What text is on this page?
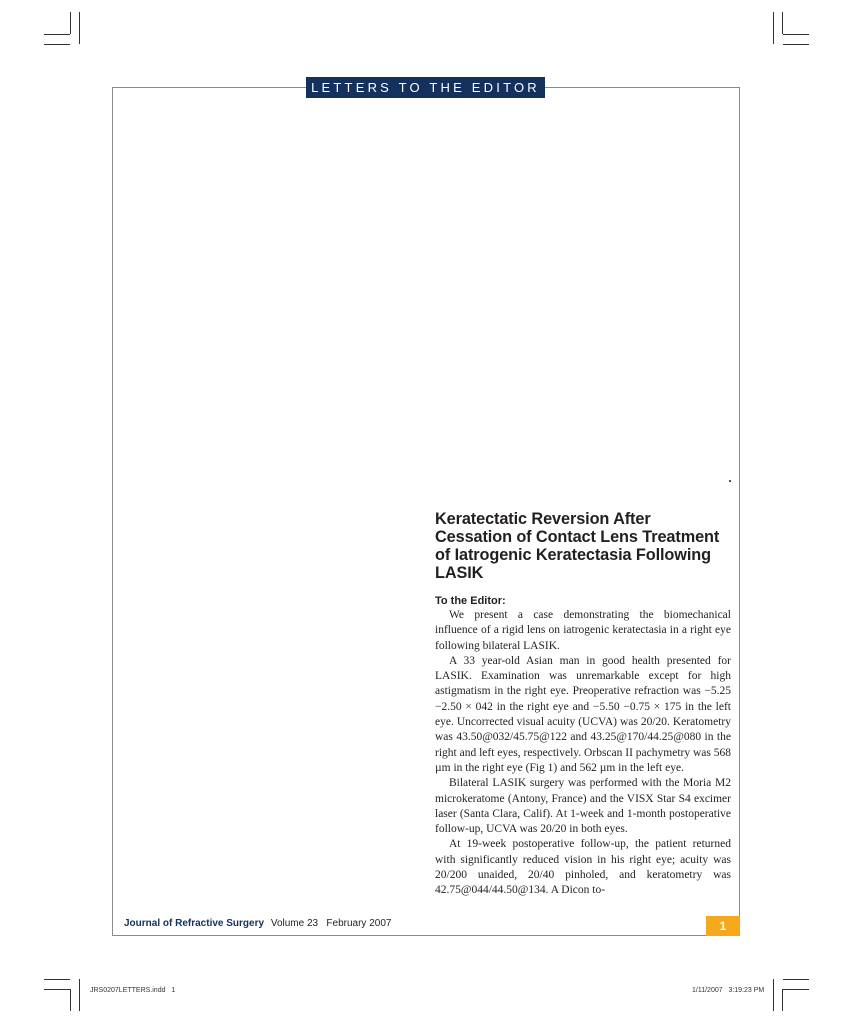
LETTERS TO THE EDITOR
Keratectatic Reversion After Cessation of Contact Lens Treatment of Iatrogenic Keratectasia Following LASIK

To the Editor:

We present a case demonstrating the biomechanical influence of a rigid lens on iatrogenic keratectasia in a right eye following bilateral LASIK.

A 33 year-old Asian man in good health presented for LASIK. Examination was unremarkable except for high astigmatism in the right eye. Preoperative refraction was −5.25 −2.50 × 042 in the right eye and −5.50 −0.75 × 175 in the left eye. Uncorrected visual acuity (UCVA) was 20/20. Keratometry was 43.50@032/45.75@122 and 43.25@170/44.25@080 in the right and left eyes, respectively. Orbscan II pachymetry was 568 µm in the right eye (Fig 1) and 562 µm in the left eye.

Bilateral LASIK surgery was performed with the Moria M2 microkeratome (Antony, France) and the VISX Star S4 excimer laser (Santa Clara, Calif). At 1-week and 1-month postoperative follow-up, UCVA was 20/20 in both eyes.

At 19-week postoperative follow-up, the patient returned with significantly reduced vision in his right eye; acuity was 20/200 unaided, 20/40 pinholed, and keratometry was 42.75@044/44.50@134. A Dicon to-

Journal of Refractive Surgery Volume 23   February 2007	1
JRS0207LETTERS.indd   1	1/11/2007   3:19:23 PM
